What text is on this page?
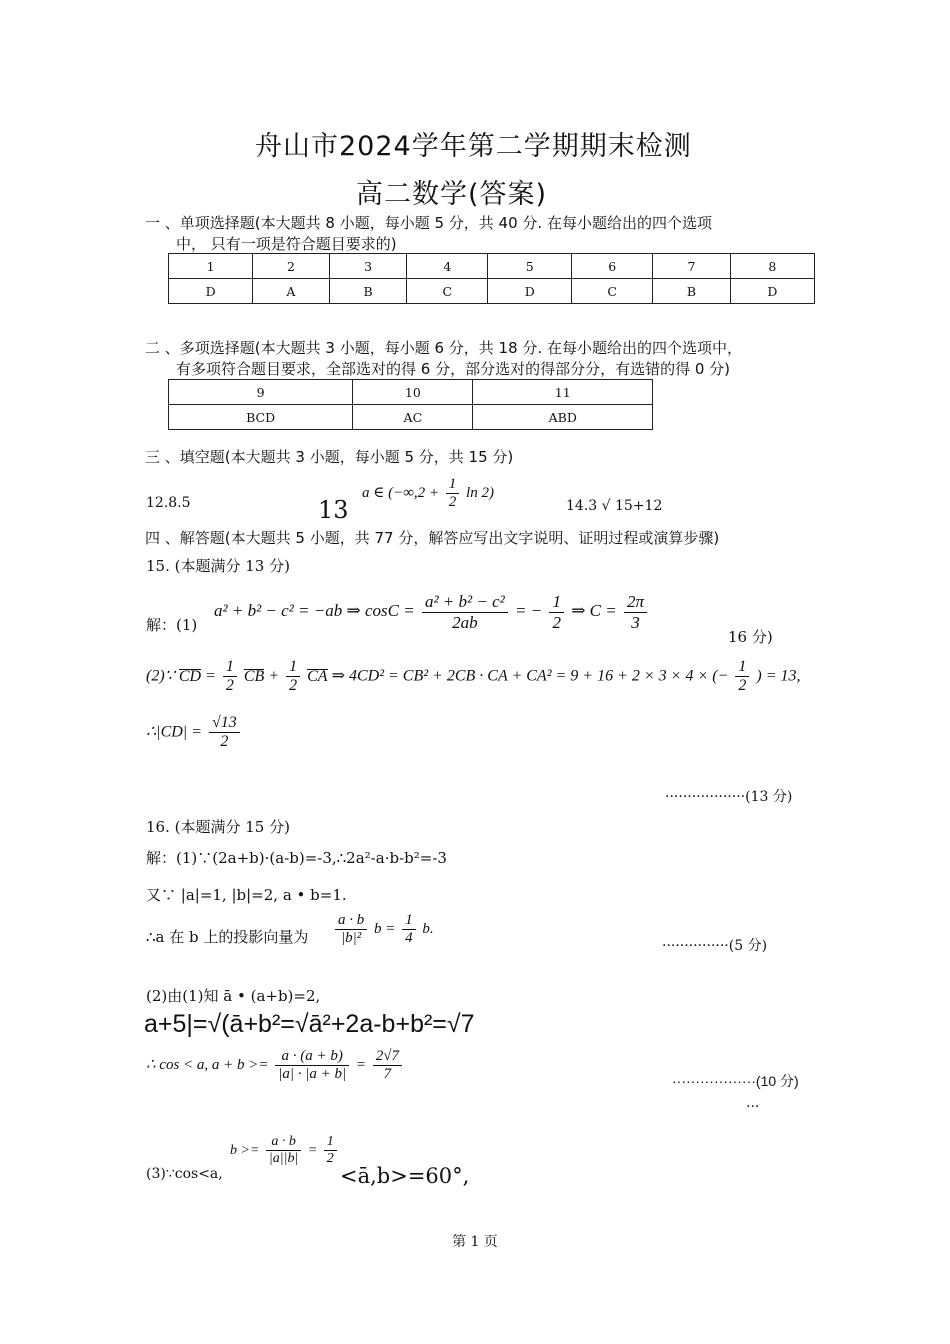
舟山市2024学年第二学期期末检测
高二数学(答案)
一 、单项选择题(本大题共 8 小题，每小题 5 分，共 40 分. 在每小题给出的四个选项
中， 只有一项是符合题目要求的)
1	2	3	4	5	6	7	8
D	A	B	C	D	C	B	D
二 、多项选择题(本大题共 3 小题，每小题 6 分，共 18 分. 在每小题给出的四个选项中，
有多项符合题目要求，全部选对的得 6 分，部分选对的得部分分，有选错的得 0 分)
9	10	11
BCD	AC	ABD
三 、填空题(本大题共 3 小题，每小题 5 分，共 15 分)
12.8.5	13
a ∈ ($-\infty,2 + \frac{1}{2}$ ln 2)
14.3 √ 15+12
四 、解答题(本大题共 5 小题，共 77 分，解答应写出文字说明、证明过程或演算步骤)
15. (本题满分 13 分)
解：(1)
a² + b² − c² = −ab ⇒ $\cos C = \frac{\text{a² + b² − c²}}{2ab}$ = − $\frac{1}{2}$ ⇒ $C = \frac{2\pi}{3}$
16 分)
(2)∵ CD = $\frac{1}{2}$ CB + $\frac{1}{2}$ CA ⇒ 4CD² = CB² + 2CB · CA + CA² = 9 + 16 + 2 × 3 × 4 × (− $\frac{1}{2}$ ) = 13,
∴|CD| = $\frac{√13}{2}$
··················(13 分)
16. (本题满分 15 分)
解：(1)∵(2a+b)·(a-b)=-3,∴2a²-a·b-b²=-3
又∵ |a|=1, |b|=2, a • b=1.
∴a 在 b 上的投影向量为 $\frac{a \cdot b}{\text{|b|²}}$ $b = \frac{1}{4} b$.
···············(5 分)
(2)由(1)知 ā • (a+b)=2,
a+5|=√(ā+b²=√ā²+2a-b+b²=√7
∴ cos < a, $a + b >= \frac{a \cdot (a + b)}{|a| \cdot |a + b|} = \frac{2√7}{7}$	··················(10 分)
···
$b >= \frac{a \cdot b}{|a||b|} = \frac{1}{2}$
(3)∵cos<a,	<ā,b>=60°,
第 1 页
